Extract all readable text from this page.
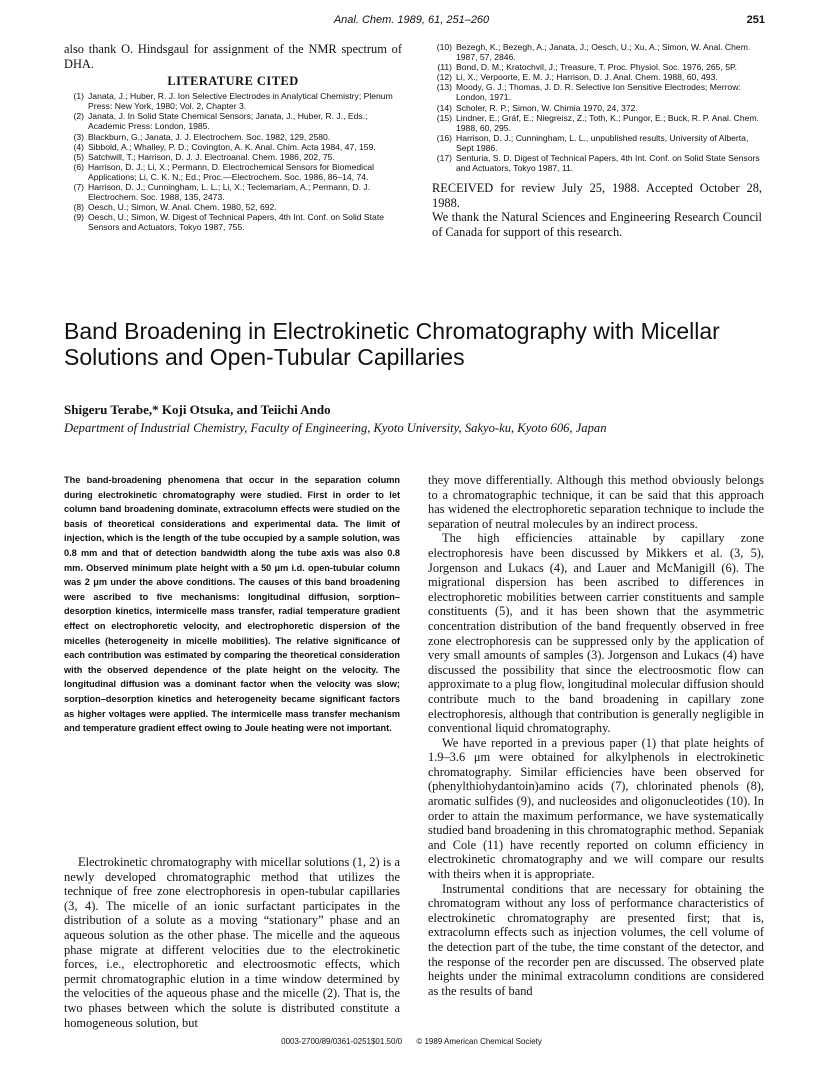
Anal. Chem. 1989, 61, 251–260	251

also thank O. Hindsgaul for assignment of the NMR spectrum of DHA.

LITERATURE CITED
(1) Janata, J.; Huber, R. J. Ion Selective Electrodes in Analytical Chemistry; Plenum Press: New York, 1980; Vol. 2, Chapter 3.
(2) Janata, J. In Solid State Chemical Sensors; Janata, J., Huber, R. J., Eds.; Academic Press: London, 1985.
(3) Blackburn, G.; Janata, J. J. Electrochem. Soc. 1982, 129, 2580.
(4) Sibbold, A.; Whalley, P. D.; Covington, A. K. Anal. Chim. Acta 1984, 47, 159.
(5) Satchwill, T.; Harrison, D. J. J. Electroanal. Chem. 1986, 202, 75.
(6) Harrison, D. J.; Li, X.; Permann, D. Electrochemical Sensors for Biomedical Applications; Li, C. K. N.; Ed.; Proc.—Electrochem. Soc. 1986, 86–14, 74.
(7) Harrison, D. J.; Cunningham, L. L.; Li, X.; Teclemariam, A.; Permann, D. J. Electrochem. Soc. 1988, 135, 2473.
(8) Oesch, U.; Simon, W. Anal. Chem. 1980, 52, 692.
(9) Oesch, U.; Simon, W. Digest of Technical Papers, 4th Int. Conf. on Solid State Sensors and Actuators, Tokyo 1987, 755.
(10) Bezegh, K.; Bezegh, A.; Janata, J.; Oesch, U.; Xu, A.; Simon, W. Anal. Chem. 1987, 57, 2846.
(11) Bond, D. M.; Kratochvil, J.; Treasure, T. Proc. Physiol. Soc. 1976, 265, 5P.
(12) Li, X.; Verpoorte, E. M. J.; Harrison, D. J. Anal. Chem. 1988, 60, 493.
(13) Moody, G. J.; Thomas, J. D. R. Selective Ion Sensitive Electrodes; Merrow: London, 1971.
(14) Scholer, R. P.; Simon, W. Chimia 1970, 24, 372.
(15) Lindner, E.; Gráf, E.; Niegreisz, Z.; Toth, K.; Pungor, E.; Buck, R. P. Anal. Chem. 1988, 60, 295.
(16) Harrison, D. J.; Cunningham, L. L., unpublished results, University of Alberta, Sept 1986.
(17) Senturia, S. D. Digest of Technical Papers, 4th Int. Conf. on Solid State Sensors and Actuators, Tokyo 1987, 11.

RECEIVED for review July 25, 1988. Accepted October 28, 1988.

We thank the Natural Sciences and Engineering Research Council of Canada for support of this research.

Band Broadening in Electrokinetic Chromatography with Micellar Solutions and Open-Tubular Capillaries
Shigeru Terabe,* Koji Otsuka, and Teiichi Ando
Department of Industrial Chemistry, Faculty of Engineering, Kyoto University, Sakyo-ku, Kyoto 606, Japan

The band-broadening phenomena that occur in the separation column during electrokinetic chromatography were studied. First in order to let column band broadening dominate, extracolumn effects were studied on the basis of theoretical considerations and experimental data. The limit of injection, which is the length of the tube occupied by a sample solution, was 0.8 mm and that of detection bandwidth along the tube axis was also 0.8 mm. Observed minimum plate height with a 50 μm i.d. open-tubular column was 2 μm under the above conditions. The causes of this band broadening were ascribed to five mechanisms: longitudinal diffusion, sorption–desorption kinetics, intermicelle mass transfer, radial temperature gradient effect on electrophoretic velocity, and electrophoretic dispersion of the micelles (heterogeneity in micelle mobilities). The relative significance of each contribution was estimated by comparing the theoretical consideration with the observed dependence of the plate height on the velocity. The longitudinal diffusion was a dominant factor when the velocity was slow; sorption–desorption kinetics and heterogeneity became significant factors as higher voltages were applied. The intermicelle mass transfer mechanism and temperature gradient effect owing to Joule heating were not important.

Electrokinetic chromatography with micellar solutions (1, 2) is a newly developed chromatographic method that utilizes the technique of free zone electrophoresis in open-tubular capillaries (3, 4). The micelle of an ionic surfactant participates in the distribution of a solute as a moving “stationary” phase and an aqueous solution as the other phase. The micelle and the aqueous phase migrate at different velocities due to the electrokinetic forces, i.e., electrophoretic and electroosmotic effects, which permit chromatographic elution in a time window determined by the velocities of the aqueous phase and the micelle (2). That is, the two phases between which the solute is distributed constitute a homogeneous solution, but

they move differentially. Although this method obviously belongs to a chromatographic technique, it can be said that this approach has widened the electrophoretic separation technique to include the separation of neutral molecules by an indirect process.

The high efficiencies attainable by capillary zone electrophoresis have been discussed by Mikkers et al. (3, 5), Jorgenson and Lukacs (4), and Lauer and McManigill (6). The migrational dispersion has been ascribed to differences in electrophoretic mobilities between carrier constituents and sample constituents (5), and it has been shown that the asymmetric concentration distribution of the band frequently observed in free zone electrophoresis can be suppressed only by the application of very small amounts of samples (3). Jorgenson and Lukacs (4) have discussed the possibility that since the electroosmotic flow can approximate to a plug flow, longitudinal molecular diffusion should contribute much to the band broadening in capillary zone electrophoresis, although that contribution is generally negligible in conventional liquid chromatography.

We have reported in a previous paper (1) that plate heights of 1.9–3.6 μm were obtained for alkylphenols in electrokinetic chromatography. Similar efficiencies have been observed for (phenylthiohydantoin)amino acids (7), chlorinated phenols (8), aromatic sulfides (9), and nucleosides and oligonucleotides (10). In order to attain the maximum performance, we have systematically studied band broadening in this chromatographic method. Sepaniak and Cole (11) have recently reported on column efficiency in electrokinetic chromatography and we will compare our results with theirs when it is appropriate.

Instrumental conditions that are necessary for obtaining the chromatogram without any loss of performance characteristics of electrokinetic chromatography are presented first; that is, extracolumn effects such as injection volumes, the cell volume of the detection part of the tube, the time constant of the detector, and the response of the recorder pen are discussed. The observed plate heights under the minimal extracolumn conditions are considered as the results of band

0003-2700/89/0361-0251$01.50/0 © 1989 American Chemical Society
